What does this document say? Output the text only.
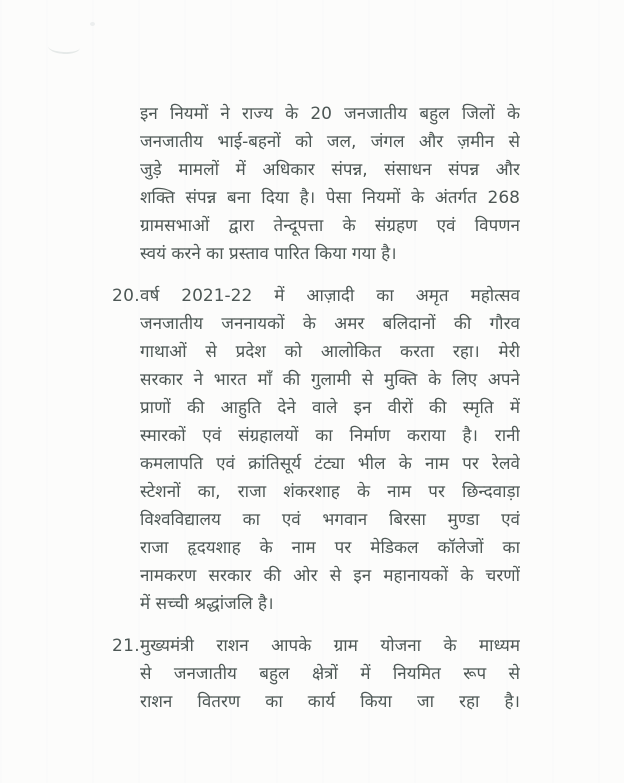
इन नियमों ने राज्य के 20 जनजातीय बहुल जिलों के
जनजातीय भाई-बहनों को जल, जंगल और ज़मीन से
जुड़े मामलों में अधिकार संपन्न, संसाधन संपन्न और
शक्ति संपन्न बना दिया है। पेसा नियमों के अंतर्गत 268
ग्रामसभाओं द्वारा तेन्दूपत्ता के संग्रहण एवं विपणन
स्वयं करने का प्रस्ताव पारित किया गया है।
20. वर्ष 2021-22 में आज़ादी का अमृत महोत्सव
जनजातीय जननायकों के अमर बलिदानों की गौरव
गाथाओं से प्रदेश को आलोकित करता रहा। मेरी
सरकार ने भारत माँ की गुलामी से मुक्ति के लिए अपने
प्राणों की आहुति देने वाले इन वीरों की स्मृति में
स्मारकों एवं संग्रहालयों का निर्माण कराया है। रानी
कमलापति एवं क्रांतिसूर्य टंट्या भील के नाम पर रेलवे
स्टेशनों का, राजा शंकरशाह के नाम पर छिन्दवाड़ा
विश्वविद्यालय का एवं भगवान बिरसा मुण्डा एवं
राजा हृदयशाह के नाम पर मेडिकल कॉलेजों का
नामकरण सरकार की ओर से इन महानायकों के चरणों
में सच्ची श्रद्धांजलि है।
21. मुख्यमंत्री राशन आपके ग्राम योजना के माध्यम
से जनजातीय बहुल क्षेत्रों में नियमित रूप से
राशन वितरण का कार्य किया जा रहा है।
